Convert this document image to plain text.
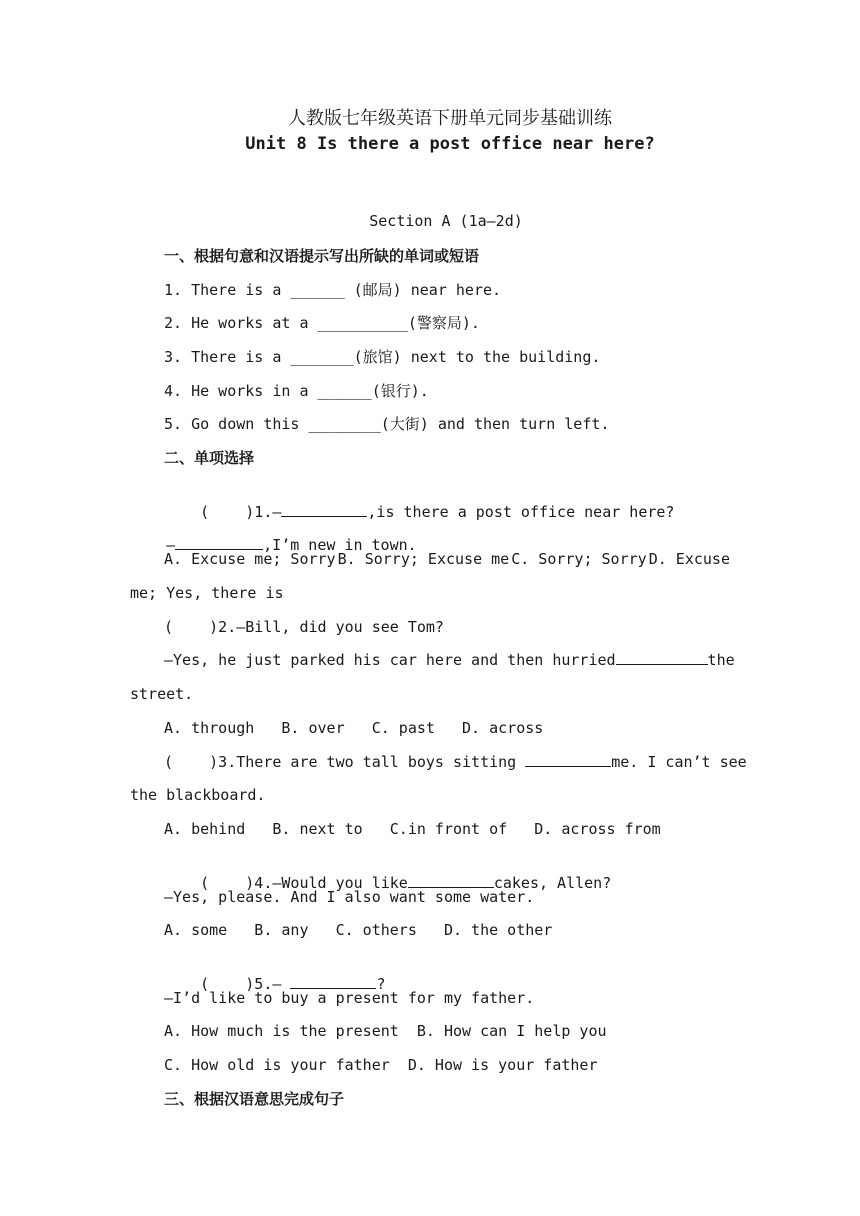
人教版七年级英语下册单元同步基础训练
Unit 8 Is there a post office near here?
Section A (1a—2d)
一、根据句意和汉语提示写出所缺的单词或短语
1. There is a ______ (邮局) near here.
2. He works at a __________(警察局).
3. There is a _______(旅馆) next to the building.
4. He works in a ______(银行).
5. Go down this ________(大街) and then turn left.
二、单项选择

(    )1.—	,is there a post office near here?

—	,I’m new in town.

A. Excuse me; Sorry B. Sorry; Excuse me C. Sorry; Sorry D. Excuse
me; Yes, there is
(    )2.—Bill, did you see Tom?
—Yes, he just parked his car here and then hurried	the
street.
A. through   B. over   C. past   D. across
(    )3.There are two tall boys sitting	me. I can’t see
the blackboard.
A. behind   B. next to   C.in front of   D. across from

(    )4.—Would you like	cakes, Allen?

—Yes, please. And I also want some water.
A. some   B. any   C. others   D. the other

(    )5.—	?

—I’d like to buy a present for my father.
A. How much is the present  B. How can I help you
C. How old is your father  D. How is your father
三、根据汉语意思完成句子
